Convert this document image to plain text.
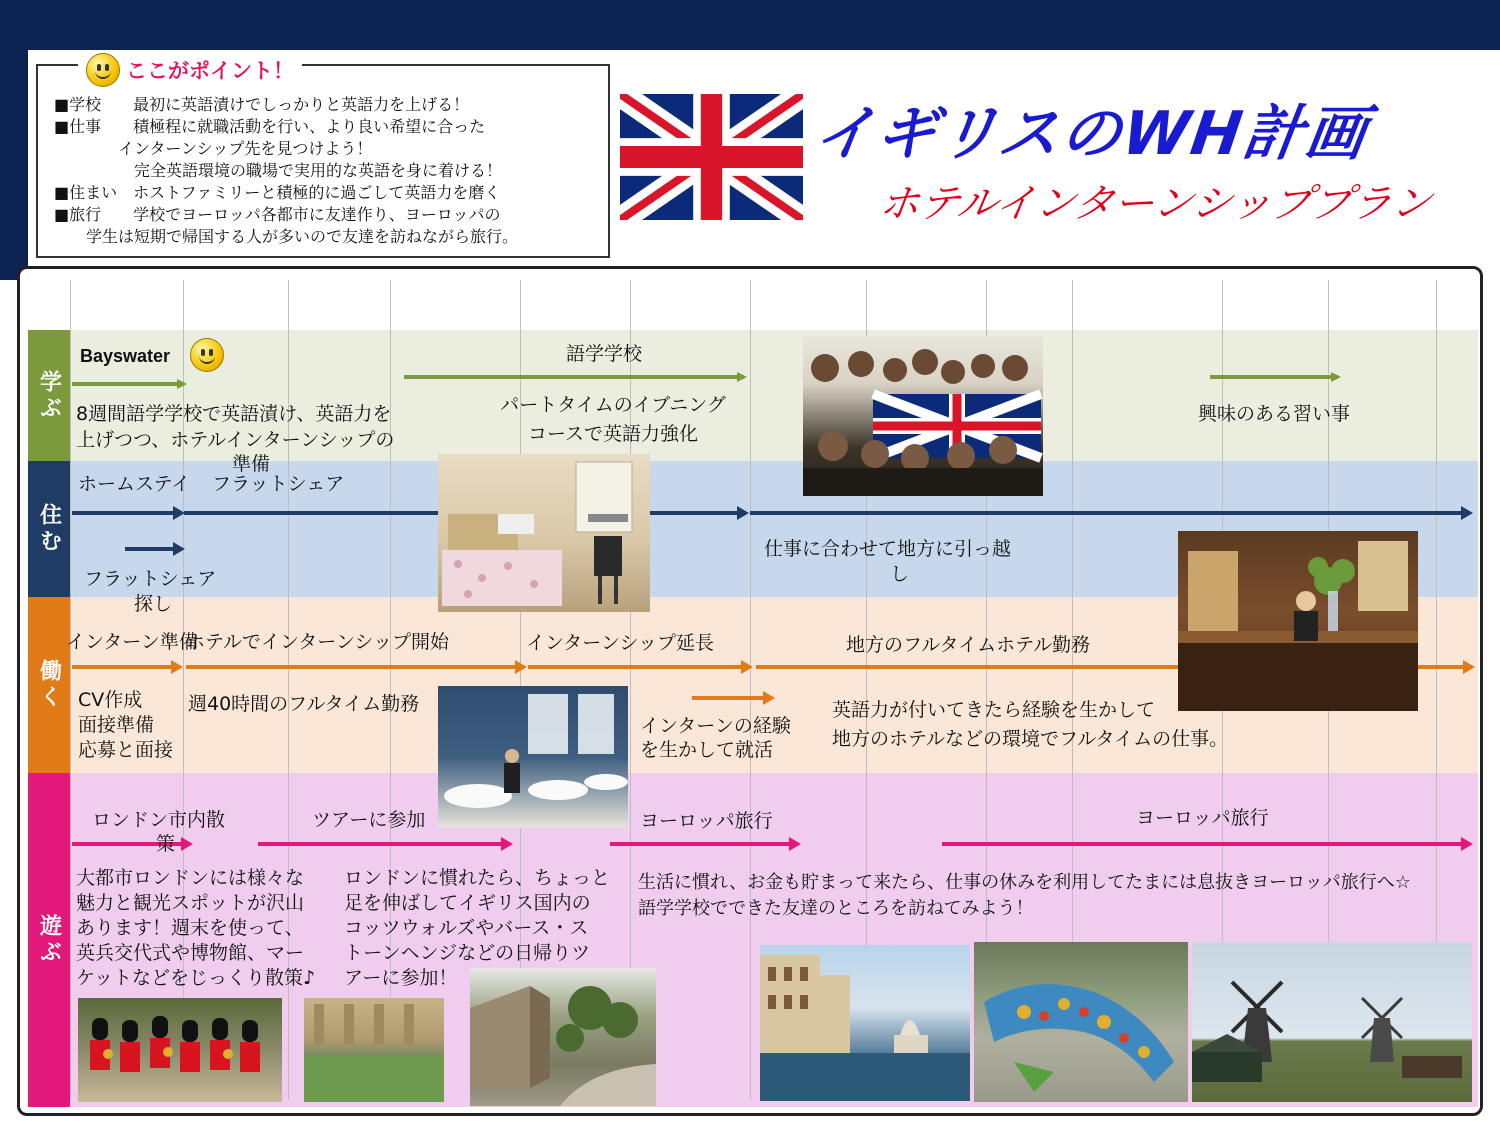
■学校　　最初に英語漬けでしっかりと英語力を上げる！
■仕事　　積極程に就職活動を行い、より良い希望に合った
　　　　インターンシップ先を見つけよう！
　　　　　完全英語環境の職場で実用的な英語を身に着ける！
■住まい　ホストファミリーと積極的に過ごして英語力を磨く
■旅行　　学校でヨーロッパ各都市に友達作り、ヨーロッパの
　　学生は短期で帰国する人が多いので友達を訪ねながら旅行。
ここがポイント！
イギリスのWH計画
ホテルインターンシッププラン
学ぶ
住む
働く
遊ぶ
Bayswater	語学学校
8週間語学学校で英語漬け、英語力を
上げつつ、ホテルインターンシップの
準備
パートタイムのイブニング
コースで英語力強化
興味のある習い事
ホームステイ フラットシェア
フラットシェア
探し
仕事に合わせて地方に引っ越
し
インターン準備
ホテルでインターンシップ開始	インターンシップ延長	地方のフルタイムホテル勤務
CV作成
面接準備
応募と面接
週40時間のフルタイム勤務
インターンの経験
を生かして就活
英語力が付いてきたら経験を生かして
地方のホテルなどの環境でフルタイムの仕事。
ロンドン市内散
策
ツアーに参加	ヨーロッパ旅行	ヨーロッパ旅行
大都市ロンドンには様々な
魅力と観光スポットが沢山
あります！週末を使って、
英兵交代式や博物館、マー
ケットなどをじっくり散策♪
ロンドンに慣れたら、ちょっと
足を伸ばしてイギリス国内の
コッツウォルズやバース・ス
トーンヘンジなどの日帰りツ
アーに参加！
生活に慣れ、お金も貯まって来たら、仕事の休みを利用してたまには息抜きヨーロッパ旅行へ☆
語学学校でできた友達のところを訪ねてみよう！
